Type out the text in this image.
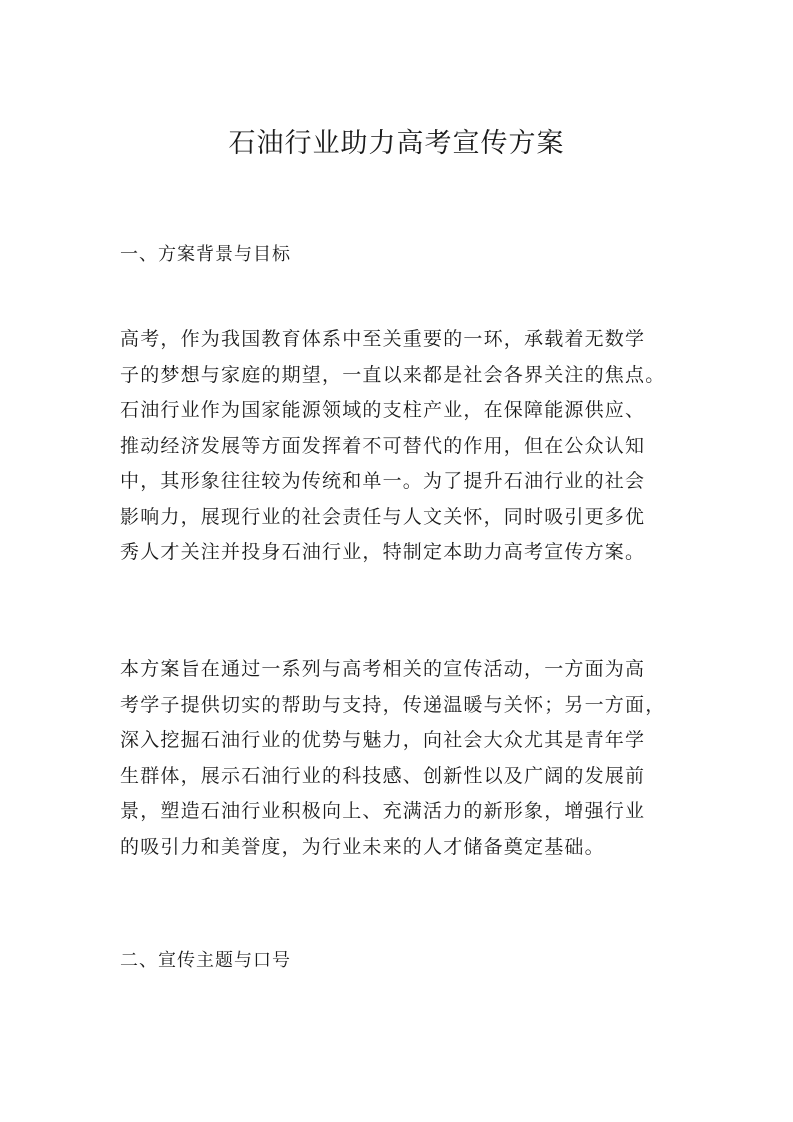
石油行业助力高考宣传方案
一、方案背景与目标

高考，作为我国教育体系中至关重要的一环，承载着无数学
子的梦想与家庭的期望，一直以来都是社会各界关注的焦点。
石油行业作为国家能源领域的支柱产业，在保障能源供应、
推动经济发展等方面发挥着不可替代的作用，但在公众认知
中，其形象往往较为传统和单一。为了提升石油行业的社会
影响力，展现行业的社会责任与人文关怀，同时吸引更多优
秀人才关注并投身石油行业，特制定本助力高考宣传方案。

本方案旨在通过一系列与高考相关的宣传活动，一方面为高
考学子提供切实的帮助与支持，传递温暖与关怀；另一方面，
深入挖掘石油行业的优势与魅力，向社会大众尤其是青年学
生群体，展示石油行业的科技感、创新性以及广阔的发展前
景，塑造石油行业积极向上、充满活力的新形象，增强行业
的吸引力和美誉度，为行业未来的人才储备奠定基础。

二、宣传主题与口号
